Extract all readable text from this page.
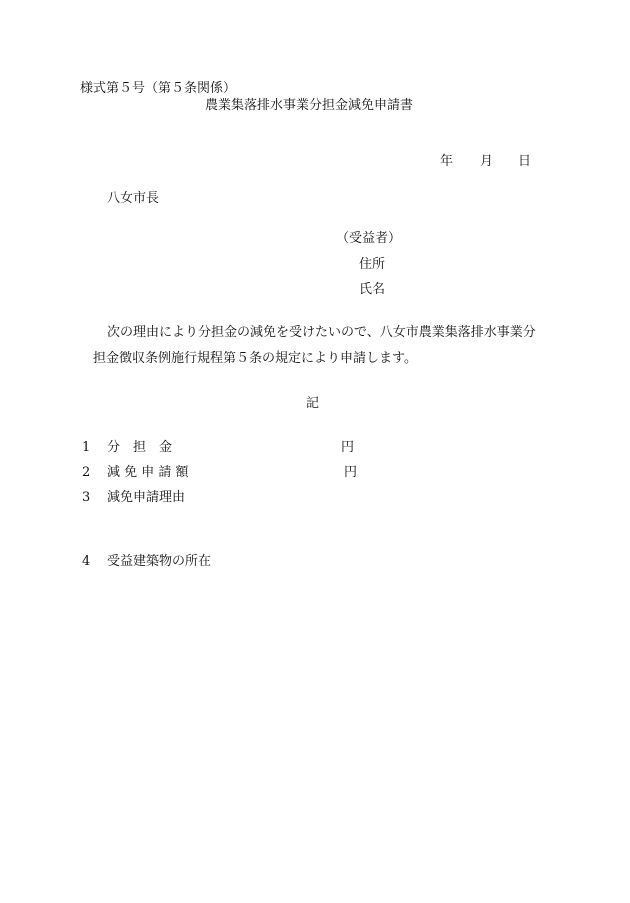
様式第５号（第５条関係）
農業集落排水事業分担金減免申請書
年 月 日
八女市長
（受益者）
住所
氏名
次の理由により分担金の減免を受けたいので、八女市農業集落排水事業分
担金徴収条例施行規程第５条の規定により申請します。
記
1 分　担　金	円
2 減 免 申 請 額	円
3 減免申請理由
4 受益建築物の所在
